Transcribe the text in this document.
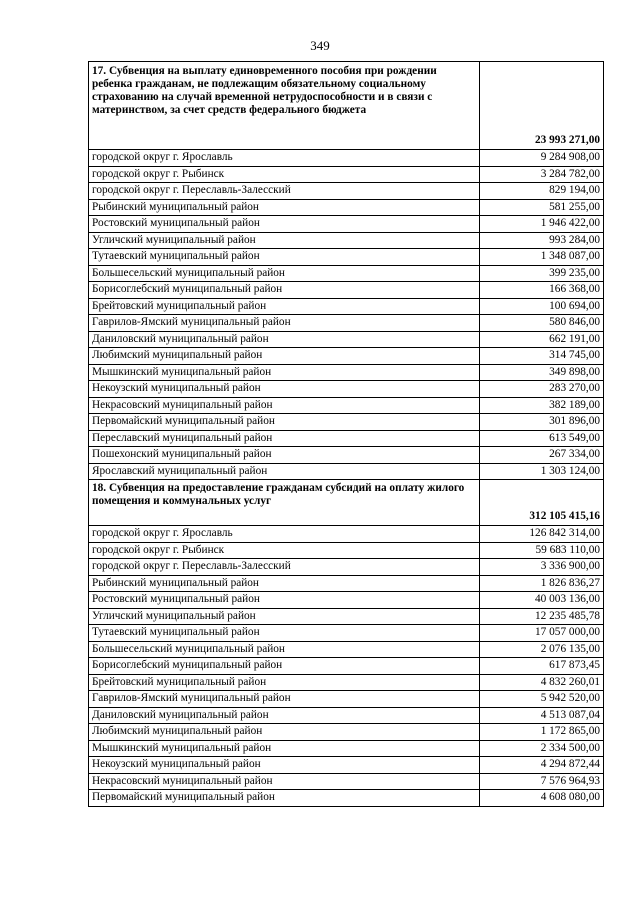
349
17. Субвенция на выплату единовременного пособия при рождении ребенка гражданам, не подлежащим обязательному социальному страхованию на случай временной нетрудоспособности и в связи с материнством, за счет средств федерального бюджета	23 993 271,00
городской округ г. Ярославль	9 284 908,00
городской округ г. Рыбинск	3 284 782,00
городской округ г. Переславль-Залесский	829 194,00
Рыбинский муниципальный район	581 255,00
Ростовский муниципальный район	1 946 422,00
Угличский муниципальный район	993 284,00
Тутаевский муниципальный район	1 348 087,00
Большесельский муниципальный район	399 235,00
Борисоглебский муниципальный район	166 368,00
Брейтовский муниципальный район	100 694,00
Гаврилов-Ямский муниципальный район	580 846,00
Даниловский муниципальный район	662 191,00
Любимский муниципальный район	314 745,00
Мышкинский муниципальный район	349 898,00
Некоузский муниципальный район	283 270,00
Некрасовский муниципальный район	382 189,00
Первомайский муниципальный район	301 896,00
Переславский муниципальный район	613 549,00
Пошехонский муниципальный район	267 334,00
Ярославский муниципальный район	1 303 124,00
18. Субвенция на предоставление гражданам субсидий на оплату жилого помещения и коммунальных услуг	312 105 415,16
городской округ г. Ярославль	126 842 314,00
городской округ г. Рыбинск	59 683 110,00
городской округ г. Переславль-Залесский	3 336 900,00
Рыбинский муниципальный район	1 826 836,27
Ростовский муниципальный район	40 003 136,00
Угличский муниципальный район	12 235 485,78
Тутаевский муниципальный район	17 057 000,00
Большесельский муниципальный район	2 076 135,00
Борисоглебский муниципальный район	617 873,45
Брейтовский муниципальный район	4 832 260,01
Гаврилов-Ямский муниципальный район	5 942 520,00
Даниловский муниципальный район	4 513 087,04
Любимский муниципальный район	1 172 865,00
Мышкинский муниципальный район	2 334 500,00
Некоузский муниципальный район	4 294 872,44
Некрасовский муниципальный район	7 576 964,93
Первомайский муниципальный район	4 608 080,00
